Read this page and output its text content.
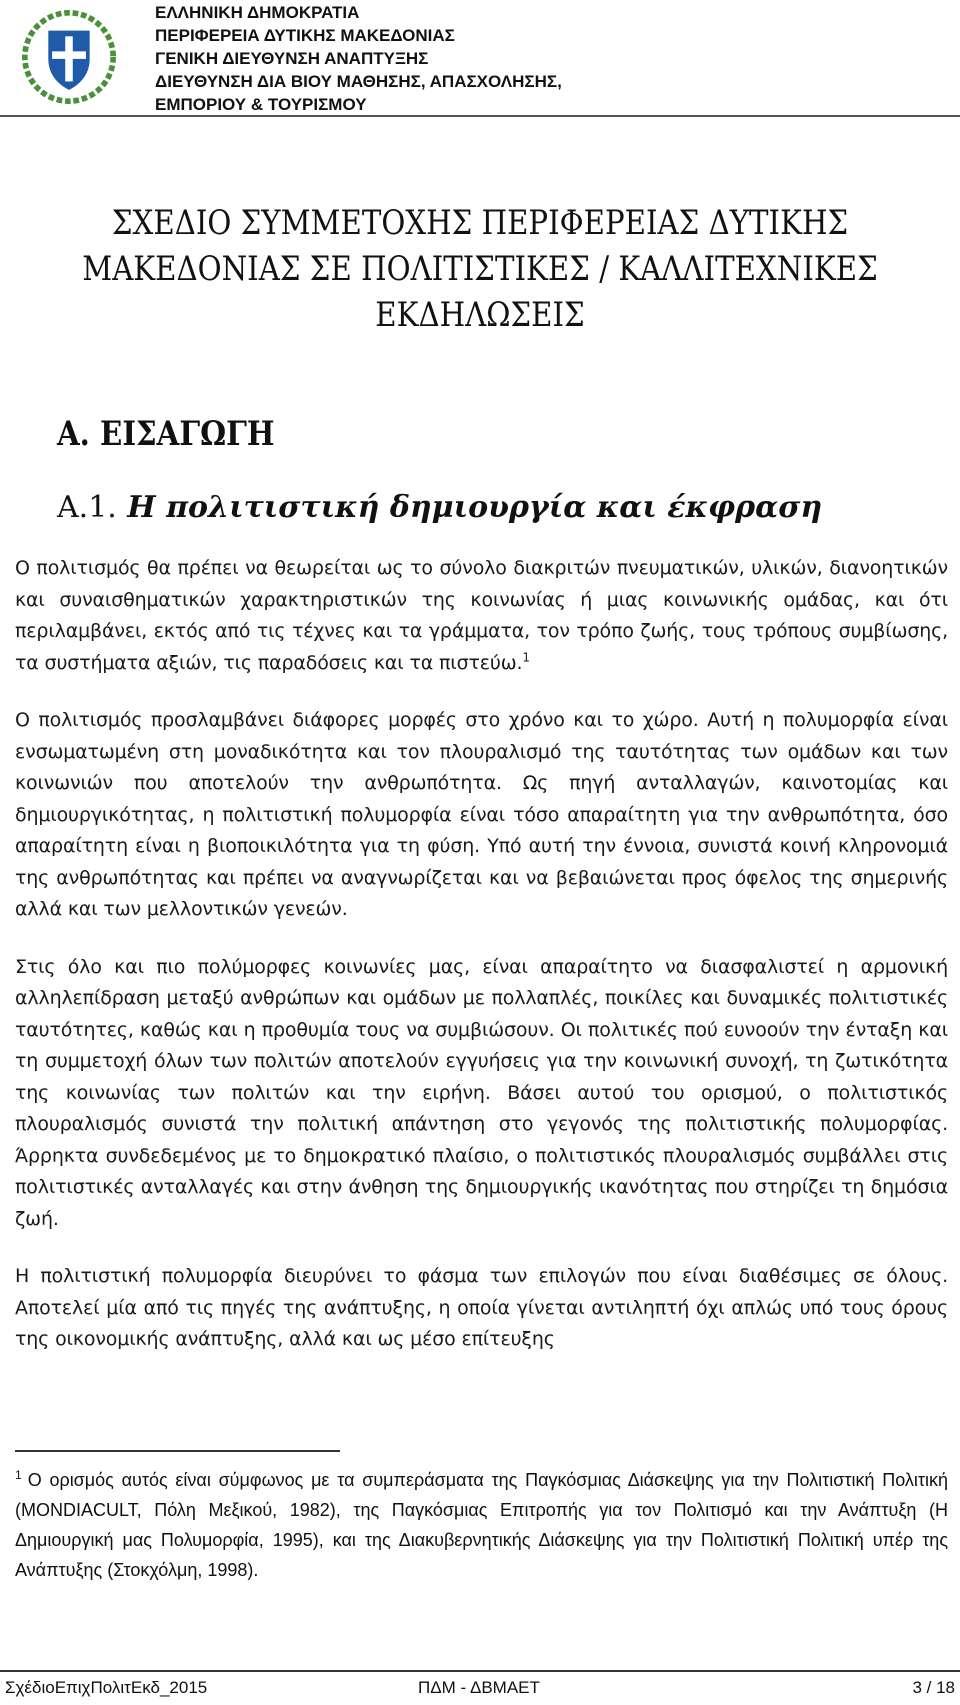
ΕΛΛΗΝΙΚΗ ΔΗΜΟΚΡΑΤΙΑ
ΠΕΡΙΦΕΡΕΙΑ ΔΥΤΙΚΗΣ ΜΑΚΕΔΟΝΙΑΣ
ΓΕΝΙΚΗ ΔΙΕΥΘΥΝΣΗ ΑΝΑΠΤΥΞΗΣ
ΔΙΕΥΘΥΝΣΗ ΔΙΑ ΒΙΟΥ ΜΑΘΗΣΗΣ, ΑΠΑΣΧΟΛΗΣΗΣ,
ΕΜΠΟΡΙΟΥ & ΤΟΥΡΙΣΜΟΥ
ΣΧΕΔΙΟ ΣΥΜΜΕΤΟΧΗΣ ΠΕΡΙΦΕΡΕΙΑΣ ΔΥΤΙΚΗΣ
ΜΑΚΕΔΟΝΙΑΣ ΣΕ ΠΟΛΙΤΙΣΤΙΚΕΣ / ΚΑΛΛΙΤΕΧΝΙΚΕΣ
ΕΚΔΗΛΩΣΕΙΣ
Α. ΕΙΣΑΓΩΓΗ
Α.1. Η πολιτιστική δημιουργία και έκφραση

Ο πολιτισμός θα πρέπει να θεωρείται ως το σύνολο διακριτών πνευματικών, υλικών, διανοητικών και συναισθηματικών χαρακτηριστικών της κοινωνίας ή μιας κοινωνικής ομάδας, και ότι περιλαμβάνει, εκτός από τις τέχνες και τα γράμματα, τον τρόπο ζωής, τους τρόπους συμβίωσης, τα συστήματα αξιών, τις παραδόσεις και τα πιστεύω.$^1$

Ο πολιτισμός προσλαμβάνει διάφορες μορφές στο χρόνο και το χώρο. Αυτή η πολυμορφία είναι ενσωματωμένη στη μοναδικότητα και τον πλουραλισμό της ταυτότητας των ομάδων και των κοινωνιών που αποτελούν την ανθρωπότητα. Ως πηγή ανταλλαγών, καινοτομίας και δημιουργικότητας, η πολιτιστική πολυμορφία είναι τόσο απαραίτητη για την ανθρωπότητα, όσο απαραίτητη είναι η βιοποικιλότητα για τη φύση. Υπό αυτή την έννοια, συνιστά κοινή κληρονομιά της ανθρωπότητας και πρέπει να αναγνωρίζεται και να βεβαιώνεται προς όφελος της σημερινής αλλά και των μελλοντικών γενεών.

Στις όλο και πιο πολύμορφες κοινωνίες μας, είναι απαραίτητο να διασφαλιστεί η αρμονική αλληλεπίδραση μεταξύ ανθρώπων και ομάδων με πολλαπλές, ποικίλες και δυναμικές πολιτιστικές ταυτότητες, καθώς και η προθυμία τους να συμβιώσουν. Οι πολιτικές πού ευνοούν την ένταξη και τη συμμετοχή όλων των πολιτών αποτελούν εγγυήσεις για την κοινωνική συνοχή, τη ζωτικότητα της κοινωνίας των πολιτών και την ειρήνη. Βάσει αυτού του ορισμού, ο πολιτιστικός πλουραλισμός συνιστά την πολιτική απάντηση στο γεγονός της πολιτιστικής πολυμορφίας. Άρρηκτα συνδεδεμένος με το δημοκρατικό πλαίσιο, ο πολιτιστικός πλουραλισμός συμβάλλει στις πολιτιστικές ανταλλαγές και στην άνθηση της δημιουργικής ικανότητας που στηρίζει τη δημόσια ζωή.

Η πολιτιστική πολυμορφία διευρύνει το φάσμα των επιλογών που είναι διαθέσιμες σε όλους. Αποτελεί μία από τις πηγές της ανάπτυξης, η οποία γίνεται αντιληπτή όχι απλώς υπό τους όρους της οικονομικής ανάπτυξης, αλλά και ως μέσο επίτευξης

$^1$ Ο ορισμός αυτός είναι σύμφωνος με τα συμπεράσματα της Παγκόσμιας Διάσκεψης για την Πολιτιστική Πολιτική (MONDIACULT, Πόλη Μεξικού, 1982), της Παγκόσμιας Επιτροπής για τον Πολιτισμό και την Ανάπτυξη (Η Δημιουργική μας Πολυμορφία, 1995), και της Διακυβερνητικής Διάσκεψης για την Πολιτιστική Πολιτική υπέρ της Ανάπτυξης (Στοκχόλμη, 1998).

ΣχέδιοΕπιχΠολιτΕκδ_2015	ΠΔΜ - ΔΒΜΑΕΤ	3 / 18
